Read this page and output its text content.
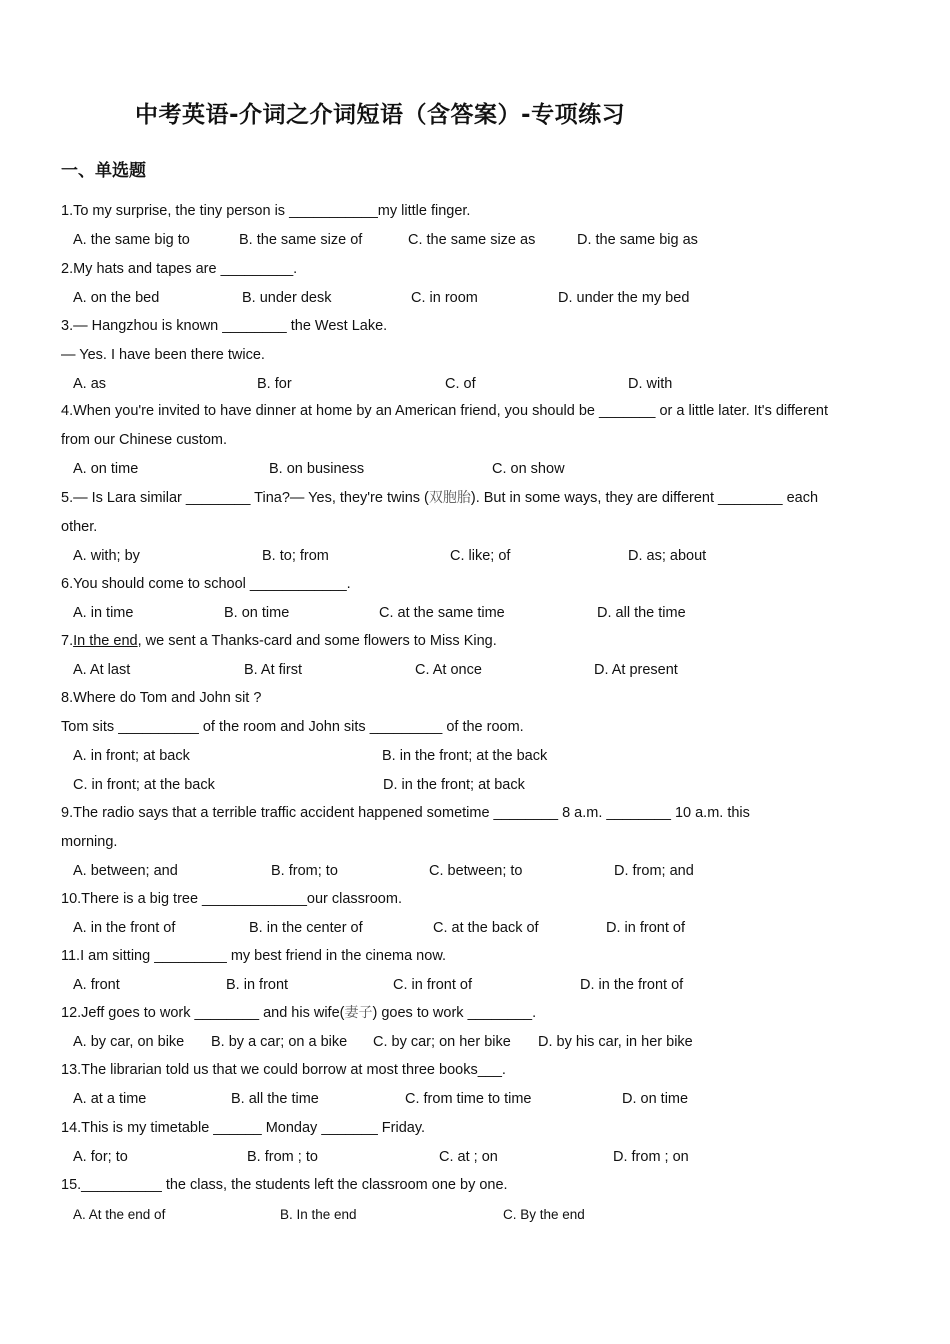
中考英语-介词之介词短语（含答案）-专项练习
一、单选题
1.To my surprise, the tiny person is ___________my little finger.
A. the same big to	B. the same size of	C. the same size as	D. the same big as
2.My hats and tapes are _________.
A. on the bed	B. under desk	C. in room	D. under the my bed
3.— Hangzhou is known ________ the West Lake.
— Yes. I have been there twice.
A. as	B. for	C. of	D. with
4.When you're invited to have dinner at home by an American friend, you should be _______ or a little later. It's different
from our Chinese custom.
A. on time	B. on business	C. on show
5.— Is Lara similar ________ Tina?— Yes, they're twins (双胞胎). But in some ways, they are different ________ each
other.
A. with; by	B. to; from	C. like; of	D. as; about
6.You should come to school ____________.
A. in time	B. on time	C. at the same time	D. all the time
7.In the end, we sent a Thanks-card and some flowers to Miss King.
A. At last	B. At first	C. At once	D. At present
8.Where do Tom and John sit ?
Tom sits __________ of the room and John sits _________ of the room.
A. in front; at back	B. in the front; at the back
C. in front; at the back	D. in the front; at back
9.The radio says that a terrible traffic accident happened sometime ________ 8 a.m. ________ 10 a.m. this
morning.
A. between; and	B. from; to	C. between; to	D. from; and
10.There is a big tree _____________our classroom.
A. in the front of	B. in the center of	C. at the back of	D. in front of
11.I am sitting _________ my best friend in the cinema now.
A. front	B. in front	C. in front of	D. in the front of
12.Jeff goes to work ________ and his wife(妻子) goes to work ________.
A. by car, on bike B. by a car; on a bike C. by car; on her bike D. by his car, in her bike
13.The librarian told us that we could borrow at most three books___.
A. at a time	B. all the time	C. from time to time	D. on time
14.This is my timetable ______ Monday _______ Friday.
A. for; to	B. from ; to	C. at ; on	D. from ; on
15.__________ the class, the students left the classroom one by one.
A. At the end of	B. In the end	C. By the end
